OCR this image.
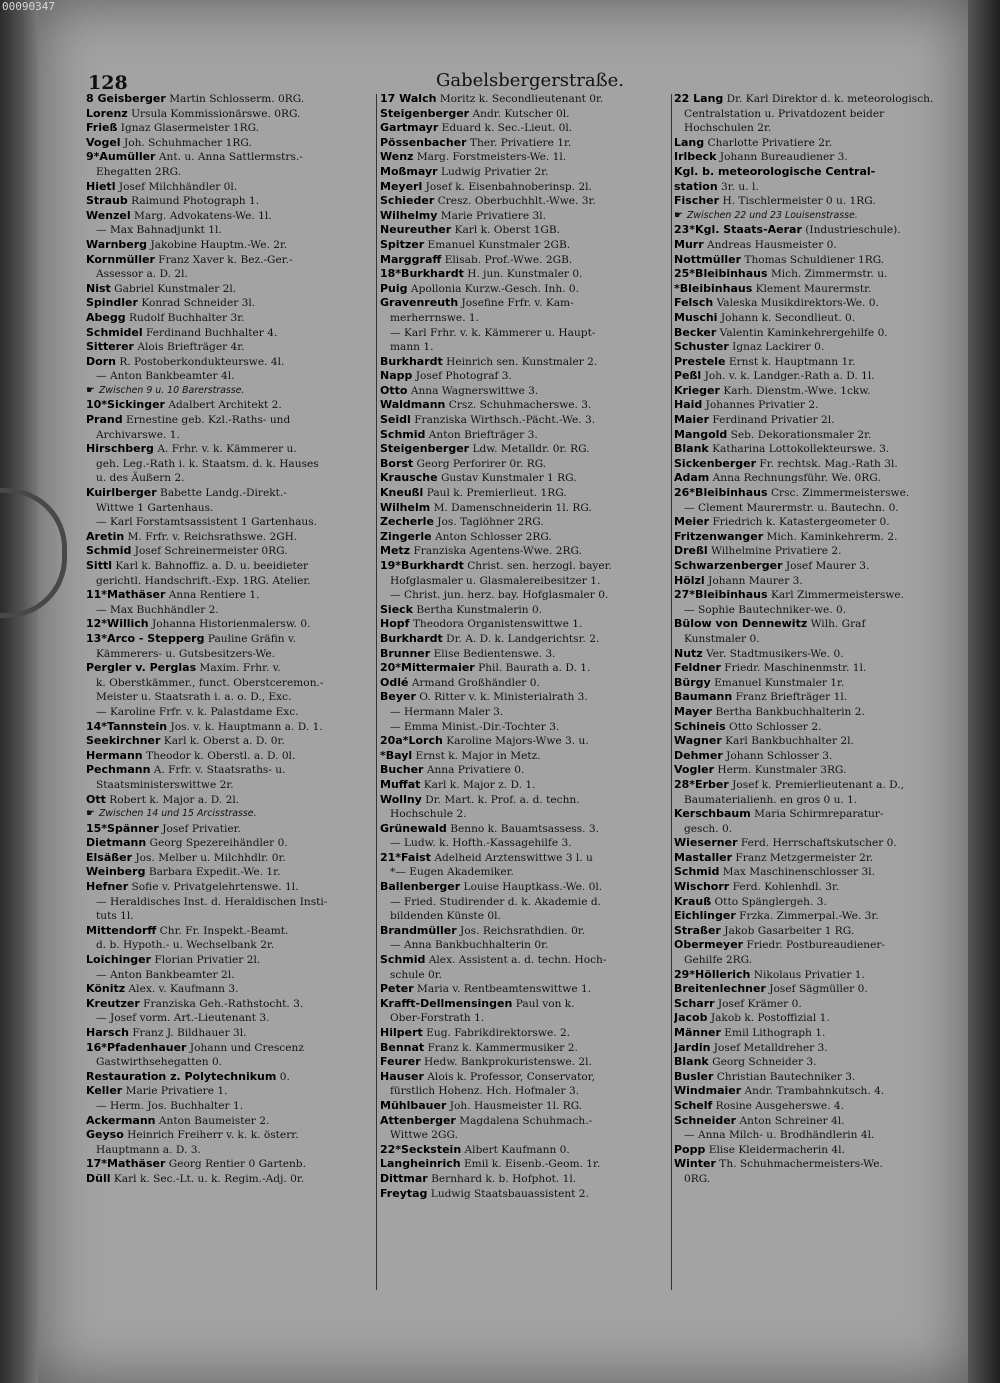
00090347
128	Gabelsbergerstraße.
8 Geisberger Martin Schlosserm. 0RG.
Lorenz Ursula Kommissionärswe. 0RG.
Frieß Ignaz Glasermeister 1RG.
Vogel Joh. Schuhmacher 1RG.
9*Aumüller Ant. u. Anna Sattlermstrs.-
Ehegatten 2RG.
Hietl Josef Milchhändler 0l.
Straub Raimund Photograph 1.
Wenzel Marg. Advokatens-We. 1l.
— Max Bahnadjunkt 1l.
Warnberg Jakobine Hauptm.-We. 2r.
Kornmüller Franz Xaver k. Bez.-Ger.-
Assessor a. D. 2l.
Nist Gabriel Kunstmaler 2l.
Spindler Konrad Schneider 3l.
Abegg Rudolf Buchhalter 3r.
Schmidel Ferdinand Buchhalter 4.
Sitterer Alois Briefträger 4r.
Dorn R. Postoberkondukteurswe. 4l.
— Anton Bankbeamter 4l.
☛ Zwischen 9 u. 10 Barerstrasse.
10*Sickinger Adalbert Architekt 2.
Prand Ernestine geb. Kzl.-Raths- und
Archivarswe. 1.
Hirschberg A. Frhr. v. k. Kämmerer u.
geh. Leg.-Rath i. k. Staatsm. d. k. Hauses
u. des Äußern 2.
Kuirlberger Babette Landg.-Direkt.-
Wittwe 1 Gartenhaus.
— Karl Forstamtsassistent 1 Gartenhaus.
Aretin M. Frfr. v. Reichsrathswe. 2GH.
Schmid Josef Schreinermeister 0RG.
Sittl Karl k. Bahnoffiz. a. D. u. beeidieter
gerichtl. Handschrift.-Exp. 1RG. Atelier.
11*Mathäser Anna Rentiere 1.
— Max Buchhändler 2.
12*Willich Johanna Historienmalersw. 0.
13*Arco - Stepperg Pauline Gräfin v.
Kämmerers- u. Gutsbesitzers-We.
Pergler v. Perglas Maxim. Frhr. v.
k. Oberstkämmer., funct. Oberstceremon.-
Meister u. Staatsrath i. a. o. D., Exc.
— Karoline Frfr. v. k. Palastdame Exc.
14*Tannstein Jos. v. k. Hauptmann a. D. 1.
Seekirchner Karl k. Oberst a. D. 0r.
Hermann Theodor k. Oberstl. a. D. 0l.
Pechmann A. Frfr. v. Staatsraths- u.
Staatsministerswittwe 2r.
Ott Robert k. Major a. D. 2l.
☛ Zwischen 14 und 15 Arcisstrasse.
15*Spänner Josef Privatier.
Dietmann Georg Spezereihändler 0.
Elsäßer Jos. Melber u. Milchhdlr. 0r.
Weinberg Barbara Expedit.-We. 1r.
Hefner Sofie v. Privatgelehrtenswe. 1l.
— Heraldisches Inst. d. Heraldischen Insti-
tuts 1l.
Mittendorff Chr. Fr. Inspekt.-Beamt.
d. b. Hypoth.- u. Wechselbank 2r.
Loichinger Florian Privatier 2l.
— Anton Bankbeamter 2l.
Könitz Alex. v. Kaufmann 3.
Kreutzer Franziska Geh.-Rathstocht. 3.
— Josef vorm. Art.-Lieutenant 3.
Harsch Franz J. Bildhauer 3l.
16*Pfadenhauer Johann und Crescenz
Gastwirthsehegatten 0.
Restauration z. Polytechnikum 0.
Keller Marie Privatiere 1.
— Herm. Jos. Buchhalter 1.
Ackermann Anton Baumeister 2.
Geyso Heinrich Freiherr v. k. k. österr.
Hauptmann a. D. 3.
17*Mathäser Georg Rentier 0 Gartenb.
Düll Karl k. Sec.-Lt. u. k. Regim.-Adj. 0r.
17 Walch Moritz k. Secondlieutenant 0r.
Steigenberger Andr. Kutscher 0l.
Gartmayr Eduard k. Sec.-Lieut. 0l.
Pössenbacher Ther. Privatiere 1r.
Wenz Marg. Forstmeisters-We. 1l.
Moßmayr Ludwig Privatier 2r.
Meyerl Josef k. Eisenbahnoberinsp. 2l.
Schieder Cresz. Oberbuchhlt.-Wwe. 3r.
Wilhelmy Marie Privatiere 3l.
Neureuther Karl k. Oberst 1GB.
Spitzer Emanuel Kunstmaler 2GB.
Marggraff Elisab. Prof.-Wwe. 2GB.
18*Burkhardt H. jun. Kunstmaler 0.
Puig Apollonia Kurzw.-Gesch. Inh. 0.
Gravenreuth Josefine Frfr. v. Kam-
merherrnswe. 1.
— Karl Frhr. v. k. Kämmerer u. Haupt-
mann 1.
Burkhardt Heinrich sen. Kunstmaler 2.
Napp Josef Photograf 3.
Otto Anna Wagnerswittwe 3.
Waldmann Crsz. Schuhmacherswe. 3.
Seidl Franziska Wirthsch.-Pächt.-We. 3.
Schmid Anton Briefträger 3.
Steigenberger Ldw. Metalldr. 0r. RG.
Borst Georg Perforirer 0r. RG.
Krausche Gustav Kunstmaler 1 RG.
Kneußl Paul k. Premierlieut. 1RG.
Wilhelm M. Damenschneiderin 1l. RG.
Zecherle Jos. Taglöhner 2RG.
Zingerle Anton Schlosser 2RG.
Metz Franziska Agentens-Wwe. 2RG.
19*Burkhardt Christ. sen. herzogl. bayer.
Hofglasmaler u. Glasmalereibesitzer 1.
— Christ. jun. herz. bay. Hofglasmaler 0.
Sieck Bertha Kunstmalerin 0.
Hopf Theodora Organistenswittwe 1.
Burkhardt Dr. A. D. k. Landgerichtsr. 2.
Brunner Elise Bedientenswe. 3.
20*Mittermaier Phil. Baurath a. D. 1.
Odlé Armand Großhändler 0.
Beyer O. Ritter v. k. Ministerialrath 3.
— Hermann Maler 3.
— Emma Minist.-Dir.-Tochter 3.
20a*Lorch Karoline Majors-Wwe 3. u.
*Bayl Ernst k. Major in Metz.
Bucher Anna Privatiere 0.
Muffat Karl k. Major z. D. 1.
Wollny Dr. Mart. k. Prof. a. d. techn.
Hochschule 2.
Grünewald Benno k. Bauamtsassess. 3.
— Ludw. k. Hofth.-Kassagehilfe 3.
21*Faist Adelheid Arztenswittwe 3 l. u
*— Eugen Akademiker.
Ballenberger Louise Hauptkass.-We. 0l.
— Fried. Studirender d. k. Akademie d.
bildenden Künste 0l.
Brandmüller Jos. Reichsrathdien. 0r.
— Anna Bankbuchhalterin 0r.
Schmid Alex. Assistent a. d. techn. Hoch-
schule 0r.
Peter Maria v. Rentbeamtenswittwe 1.
Krafft-Dellmensingen Paul von k.
Ober-Forstrath 1.
Hilpert Eug. Fabrikdirektorswe. 2.
Bennat Franz k. Kammermusiker 2.
Feurer Hedw. Bankprokuristenswe. 2l.
Hauser Alois k. Professor, Conservator,
fürstlich Hohenz. Hch. Hofmaler 3.
Mühlbauer Joh. Hausmeister 1l. RG.
Attenberger Magdalena Schuhmach.-
Wittwe 2GG.
22*Seckstein Albert Kaufmann 0.
Langheinrich Emil k. Eisenb.-Geom. 1r.
Dittmar Bernhard k. b. Hofphot. 1l.
Freytag Ludwig Staatsbauassistent 2.
22 Lang Dr. Karl Direktor d. k. meteorologisch.
Centralstation u. Privatdozent beider
Hochschulen 2r.
Lang Charlotte Privatiere 2r.
Irlbeck Johann Bureaudiener 3.
Kgl. b. meteorologische Central-
station 3r. u. l.
Fischer H. Tischlermeister 0 u. 1RG.
☛ Zwischen 22 und 23 Louisenstrasse.
23*Kgl. Staats-Aerar (Industrieschule).
Murr Andreas Hausmeister 0.
Nottmüller Thomas Schuldiener 1RG.
25*Bleibinhaus Mich. Zimmermstr. u.
*Bleibinhaus Klement Maurermstr.
Felsch Valeska Musikdirektors-We. 0.
Muschi Johann k. Secondlieut. 0.
Becker Valentin Kaminkehrergehilfe 0.
Schuster Ignaz Lackirer 0.
Prestele Ernst k. Hauptmann 1r.
Peßl Joh. v. k. Landger.-Rath a. D. 1l.
Krieger Karh. Dienstm.-Wwe. 1ckw.
Haid Johannes Privatier 2.
Maier Ferdinand Privatier 2l.
Mangold Seb. Dekorationsmaler 2r.
Blank Katharina Lottokollekteurswe. 3.
Sickenberger Fr. rechtsk. Mag.-Rath 3l.
Adam Anna Rechnungsführ. We. 0RG.
26*Bleibinhaus Crsc. Zimmermeisterswe.
— Clement Maurermstr. u. Bautechn. 0.
Meier Friedrich k. Katastergeometer 0.
Fritzenwanger Mich. Kaminkehrerm. 2.
Dreßl Wilhelmine Privatiere 2.
Schwarzenberger Josef Maurer 3.
Hölzl Johann Maurer 3.
27*Bleibinhaus Karl Zimmermeisterswe.
— Sophie Bautechniker-we. 0.
Bülow von Dennewitz Wilh. Graf
Kunstmaler 0.
Nutz Ver. Stadtmusikers-We. 0.
Feldner Friedr. Maschinenmstr. 1l.
Bürgy Emanuel Kunstmaler 1r.
Baumann Franz Briefträger 1l.
Mayer Bertha Bankbuchhalterin 2.
Schineis Otto Schlosser 2.
Wagner Karl Bankbuchhalter 2l.
Dehmer Johann Schlosser 3.
Vogler Herm. Kunstmaler 3RG.
28*Erber Josef k. Premierlieutenant a. D.,
Baumaterialienh. en gros 0 u. 1.
Kerschbaum Maria Schirmreparatur-
gesch. 0.
Wieserner Ferd. Herrschaftskutscher 0.
Mastaller Franz Metzgermeister 2r.
Schmid Max Maschinenschlosser 3l.
Wischorr Ferd. Kohlenhdl. 3r.
Krauß Otto Spänglergeh. 3.
Eichlinger Frzka. Zimmerpal.-We. 3r.
Straßer Jakob Gasarbeiter 1 RG.
Obermeyer Friedr. Postbureaudiener-
Gehilfe 2RG.
29*Höllerich Nikolaus Privatier 1.
Breitenlechner Josef Sägmüller 0.
Scharr Josef Krämer 0.
Jacob Jakob k. Postoffizial 1.
Männer Emil Lithograph 1.
Jardin Josef Metalldreher 3.
Blank Georg Schneider 3.
Busler Christian Bautechniker 3.
Windmaier Andr. Trambahnkutsch. 4.
Schelf Rosine Ausgeherswe. 4.
Schneider Anton Schreiner 4l.
— Anna Milch- u. Brodhändlerin 4l.
Popp Elise Kleidermacherin 4l.
Winter Th. Schuhmachermeisters-We.
0RG.
